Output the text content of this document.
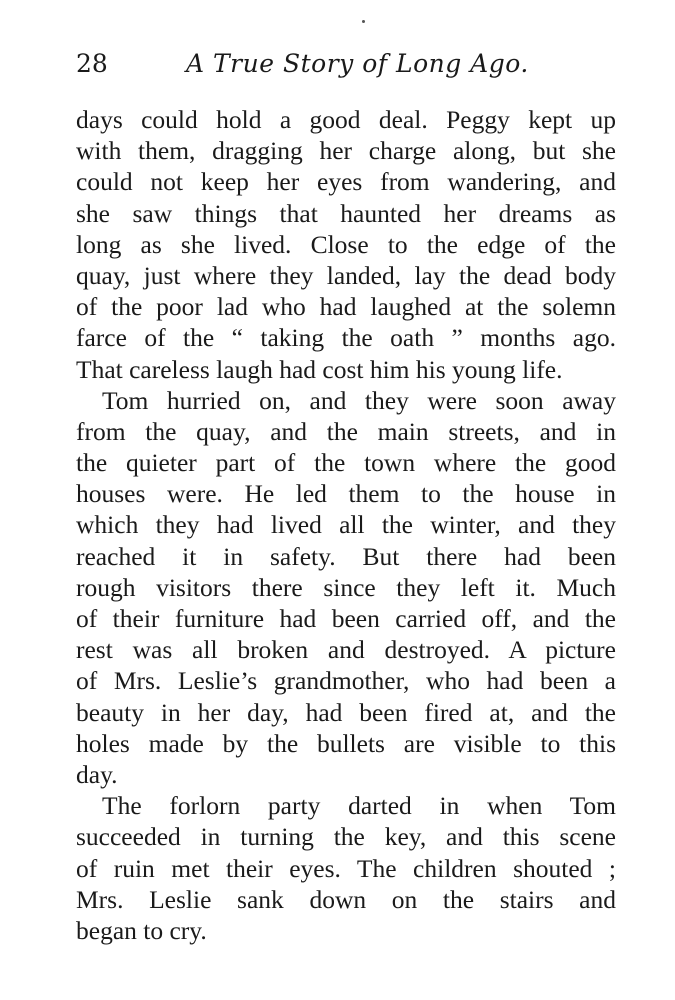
28	A True Story of Long Ago.
days could hold a good deal. Peggy kept up
with them, dragging her charge along, but she
could not keep her eyes from wandering, and
she saw things that haunted her dreams as
long as she lived. Close to the edge of the
quay, just where they landed, lay the dead body
of the poor lad who had laughed at the solemn
farce of the “ taking the oath ” months ago.
That careless laugh had cost him his young life.
Tom hurried on, and they were soon away
from the quay, and the main streets, and in
the quieter part of the town where the good
houses were. He led them to the house in
which they had lived all the winter, and they
reached it in safety. But there had been
rough visitors there since they left it. Much
of their furniture had been carried off, and the
rest was all broken and destroyed. A picture
of Mrs. Leslie’s grandmother, who had been a
beauty in her day, had been fired at, and the
holes made by the bullets are visible to this
day.
The forlorn party darted in when Tom
succeeded in turning the key, and this scene
of ruin met their eyes. The children shouted ;
Mrs. Leslie sank down on the stairs and
began to cry.
